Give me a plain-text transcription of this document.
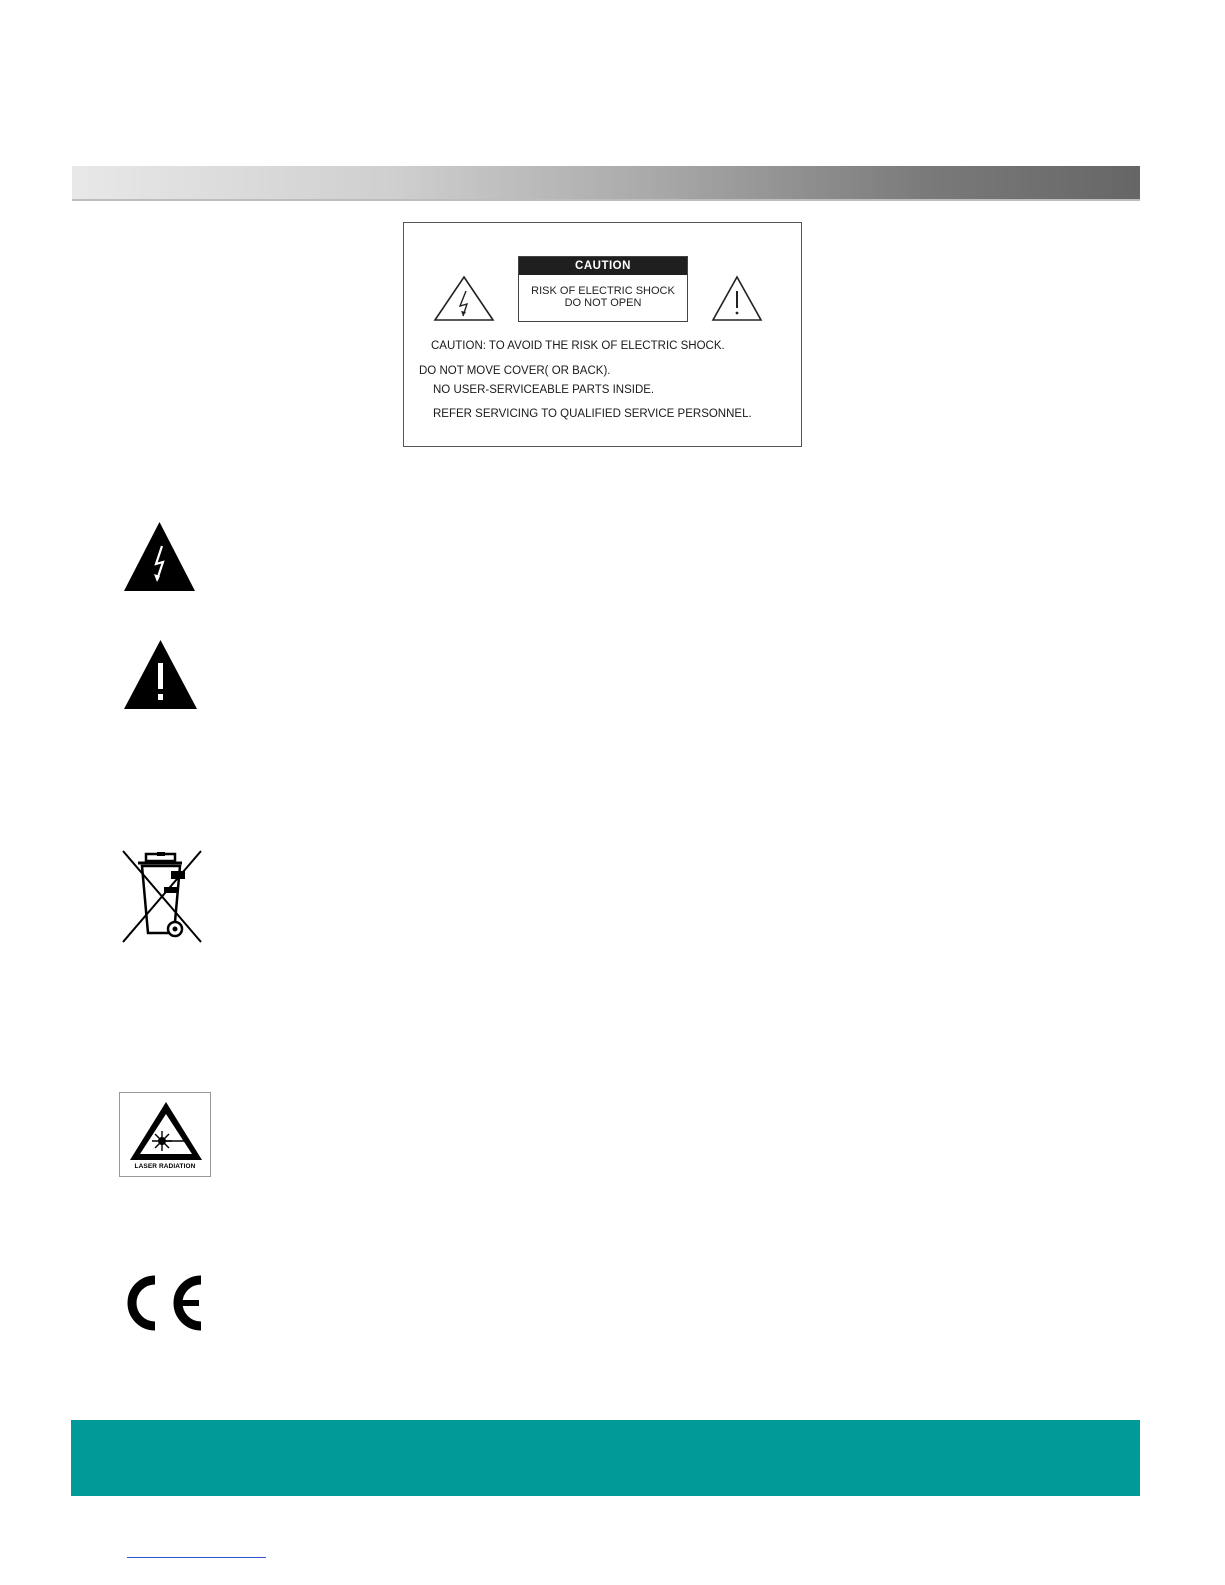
CAUTION
RISK OF ELECTRIC SHOCK
DO NOT OPEN
CAUTION: TO AVOID THE RISK OF ELECTRIC SHOCK.
DO NOT MOVE COVER( OR BACK).
NO USER-SERVICEABLE PARTS INSIDE.
REFER SERVICING TO QUALIFIED SERVICE PERSONNEL.
LASER RADIATION
